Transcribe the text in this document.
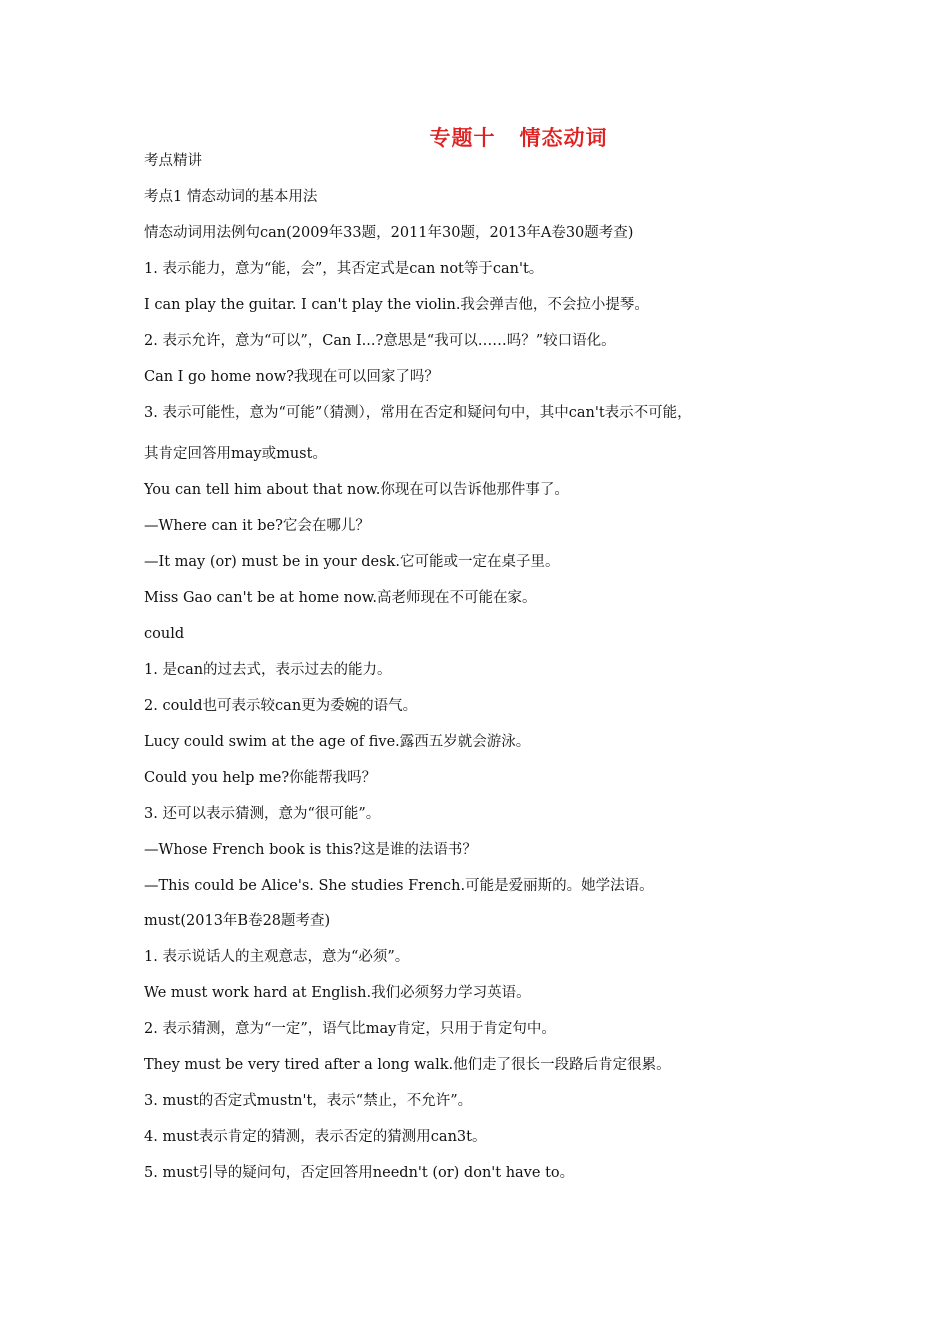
专题十 情态动词
考点精讲
考点1 情态动词的基本用法
情态动词用法例句can(2009年33题，2011年30题，2013年A卷30题考查)
1. 表示能力，意为“能，会”，其否定式是can not等于can't。
I can play the guitar. I can't play the violin.我会弹吉他，不会拉小提琴。
2. 表示允许，意为“可以”，Can I...?意思是“我可以……吗？”较口语化。
Can I go home now?我现在可以回家了吗？
3. 表示可能性，意为“可能”（猜测），常用在否定和疑问句中，其中can't表示不可能，
其肯定回答用may或must。
You can tell him about that now.你现在可以告诉他那件事了。
—Where can it be?它会在哪儿？
—It may (or) must be in your desk.它可能或一定在桌子里。
Miss Gao can't be at home now.高老师现在不可能在家。
could
1. 是can的过去式，表示过去的能力。
2. could也可表示较can更为委婉的语气。
Lucy could swim at the age of five.露西五岁就会游泳。
Could you help me?你能帮我吗？
3. 还可以表示猜测，意为“很可能”。
—Whose French book is this?这是谁的法语书？
—This could be Alice's. She studies French.可能是爱丽斯的。她学法语。
must(2013年B卷28题考查)
1. 表示说话人的主观意志，意为“必须”。
We must work hard at English.我们必须努力学习英语。
2. 表示猜测，意为“一定”，语气比may肯定，只用于肯定句中。
They must be very tired after a long walk.他们走了很长一段路后肯定很累。
3. must的否定式mustn't，表示“禁止，不允许”。
4. must表示肯定的猜测，表示否定的猜测用can3t。
5. must引导的疑问句，否定回答用needn't (or) don't have to。
